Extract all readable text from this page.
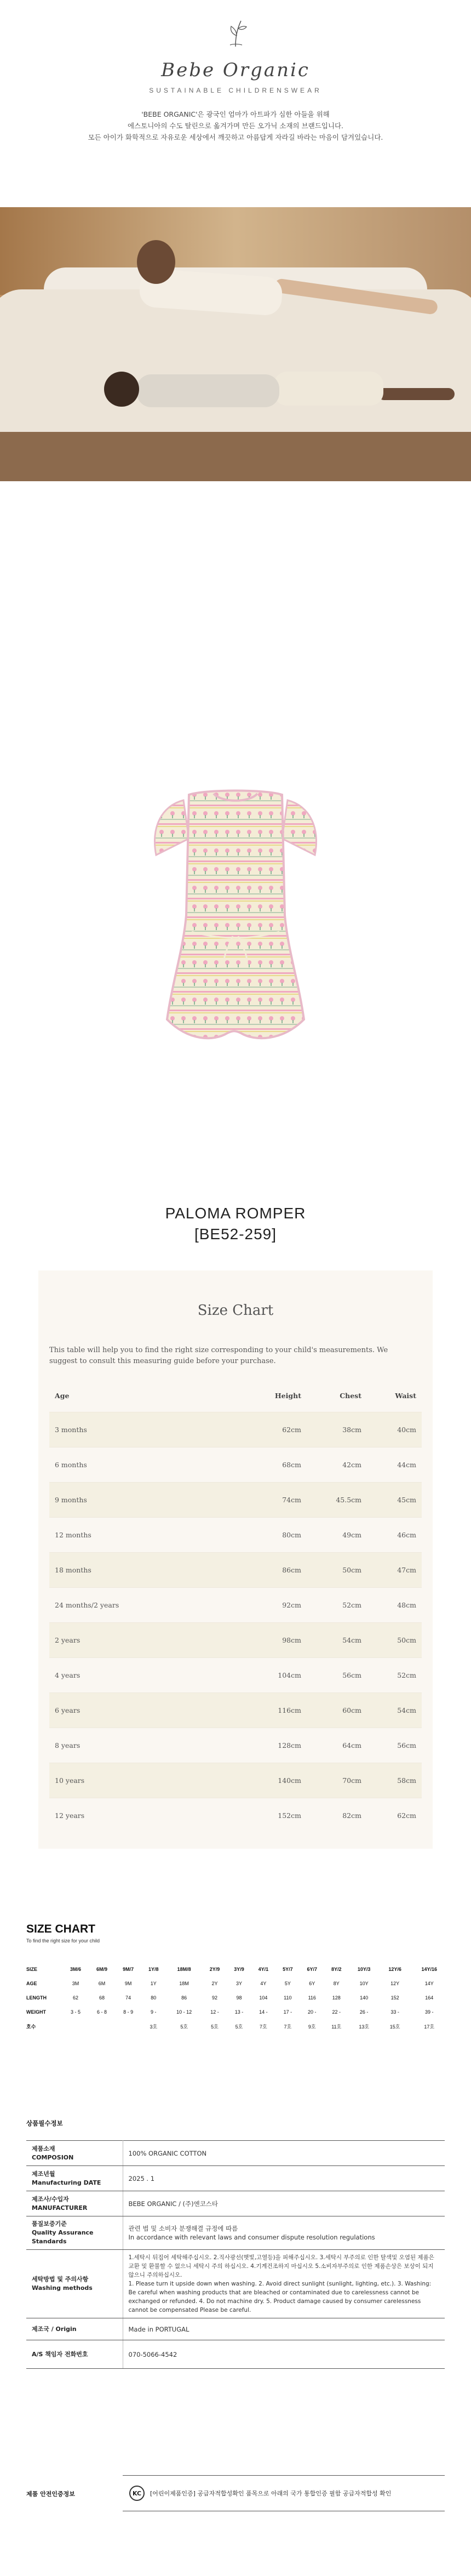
Bebe Organic
SUSTAINABLE CHILDRENSWEAR
'BEBE ORGANIC'은 광국인 엄마가 아트파가 심한 아들을 위해
에스토니아의 수도 탈린으로 옮겨가며 만든 오가닉 소재의 브랜드입니다.
모든 아이가 화학적으로 자유로운 세상에서 깨끗하고 아름답게 자라길 바라는 마음이 담겨있습니다.
PALOMA ROMPER
[BE52-259]
Size Chart
This table will help you to find the right size corresponding to your child's measurements. We suggest to consult this measuring guide before your purchase.
Age	Height	Chest	Waist
3 months	62cm	38cm	40cm
6 months	68cm	42cm	44cm
9 months	74cm	45.5cm	45cm
12 months	80cm	49cm	46cm
18 months	86cm	50cm	47cm
24 months/2 years	92cm	52cm	48cm
2 years	98cm	54cm	50cm
4 years	104cm	56cm	52cm
6 years	116cm	60cm	54cm
8 years	128cm	64cm	56cm
10 years	140cm	70cm	58cm
12 years	152cm	82cm	62cm
SIZE CHART
To find the right size for your child
SIZE	3M/6	6M/9	9M/7	1Y/8	18M/8	2Y/9	3Y/9	4Y/1	5Y/7	6Y/7	8Y/2	10Y/3	12Y/6	14Y/16
AGE	3M	6M	9M	1Y	18M	2Y	3Y	4Y	5Y	6Y	8Y	10Y	12Y	14Y
LENGTH	62	68	74	80	86	92	98	104	110	116	128	140	152	164
WEIGHT	3 - 5	6 - 8	8 - 9	9 -	10 - 12	12 -	13 -	14 -	17 -	20 -	22 -	26 -	33 -	39 -
호수				3호	5호	5호	5호	7호	7호	9호	11호	13호	15호	17호
상품필수정보
제품소재
COMPOSION	100% ORGANIC COTTON
제조년월
Manufacturing DATE	2025 . 1
제조사/수입자
MANUFACTURER	BEBE ORGANIC / (주)엔코스타
품질보증기준
Quality Assurance Standards	관련 법 및 소비자 분쟁해결 규정에 따름
In accordance with relevant laws and consumer dispute resolution regulations
세탁방법 및 주의사항
Washing methods	1.세탁시 뒤집어 세탁해주십시오. 2.직사광선(햇빛,고열등)을 피해주십시오. 3.세탁시 부주의로 인한 탈색및 오염된 제품은 교환 및 환불할 수 없으니 세탁시 주의 하십시오. 4.기계건조하지 마십시오 5.소비자부주의로 인한 제품손상은 보상이 되지 않으니 주의하십시오.
1. Please turn it upside down when washing. 2. Avoid direct sunlight (sunlight, lighting, etc.). 3. Washing: Be careful when washing products that are bleached or contaminated due to carelessness cannot be exchanged or refunded. 4. Do not machine dry. 5. Product damage caused by consumer carelessness cannot be compensated Please be careful.
제조국 / Origin	Made in PORTUGAL
A/S 책임자 전화번호	070-5066-4542
제품 안전인증정보	KC	[어린이제품인증] 공급자적합성확인 품목으로 아래의 국가 통합인증 필함 공급자적합성 확인
